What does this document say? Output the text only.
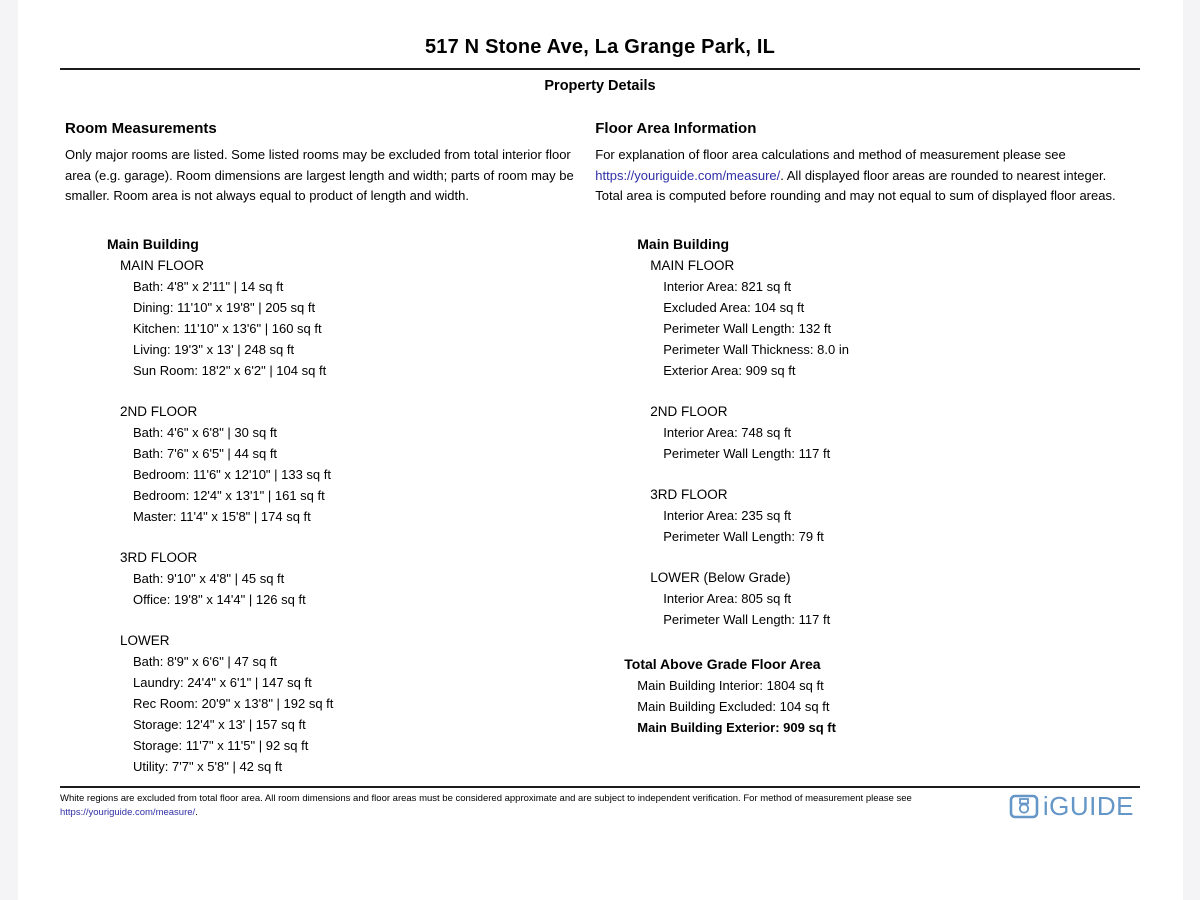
517 N Stone Ave, La Grange Park, IL
Property Details
Room Measurements

Only major rooms are listed. Some listed rooms may be excluded from total interior floor area (e.g. garage). Room dimensions are largest length and width; parts of room may be smaller. Room area is not always equal to product of length and width.

Main Building
MAIN FLOOR
Bath: 4'8" x 2'11" | 14 sq ft
Dining: 11'10" x 19'8" | 205 sq ft
Kitchen: 11'10" x 13'6" | 160 sq ft
Living: 19'3" x 13' | 248 sq ft
Sun Room: 18'2" x 6'2" | 104 sq ft
2ND FLOOR
Bath: 4'6" x 6'8" | 30 sq ft
Bath: 7'6" x 6'5" | 44 sq ft
Bedroom: 11'6" x 12'10" | 133 sq ft
Bedroom: 12'4" x 13'1" | 161 sq ft
Master: 11'4" x 15'8" | 174 sq ft
3RD FLOOR
Bath: 9'10" x 4'8" | 45 sq ft
Office: 19'8" x 14'4" | 126 sq ft
LOWER
Bath: 8'9" x 6'6" | 47 sq ft
Laundry: 24'4" x 6'1" | 147 sq ft
Rec Room: 20'9" x 13'8" | 192 sq ft
Storage: 12'4" x 13' | 157 sq ft
Storage: 11'7" x 11'5" | 92 sq ft
Utility: 7'7" x 5'8" | 42 sq ft
Floor Area Information

For explanation of floor area calculations and method of measurement please see https://youriguide.com/measure/. All displayed floor areas are rounded to nearest integer. Total area is computed before rounding and may not equal to sum of displayed floor areas.

Main Building
MAIN FLOOR
Interior Area: 821 sq ft
Excluded Area: 104 sq ft
Perimeter Wall Length: 132 ft
Perimeter Wall Thickness: 8.0 in
Exterior Area: 909 sq ft
2ND FLOOR
Interior Area: 748 sq ft
Perimeter Wall Length: 117 ft
3RD FLOOR
Interior Area: 235 sq ft
Perimeter Wall Length: 79 ft
LOWER (Below Grade)
Interior Area: 805 sq ft
Perimeter Wall Length: 117 ft
Total Above Grade Floor Area
Main Building Interior: 1804 sq ft
Main Building Excluded: 104 sq ft
Main Building Exterior: 909 sq ft

White regions are excluded from total floor area. All room dimensions and floor areas must be considered approximate and are subject to independent verification. For method of measurement please see https://youriguide.com/measure/.	iGUIDE
